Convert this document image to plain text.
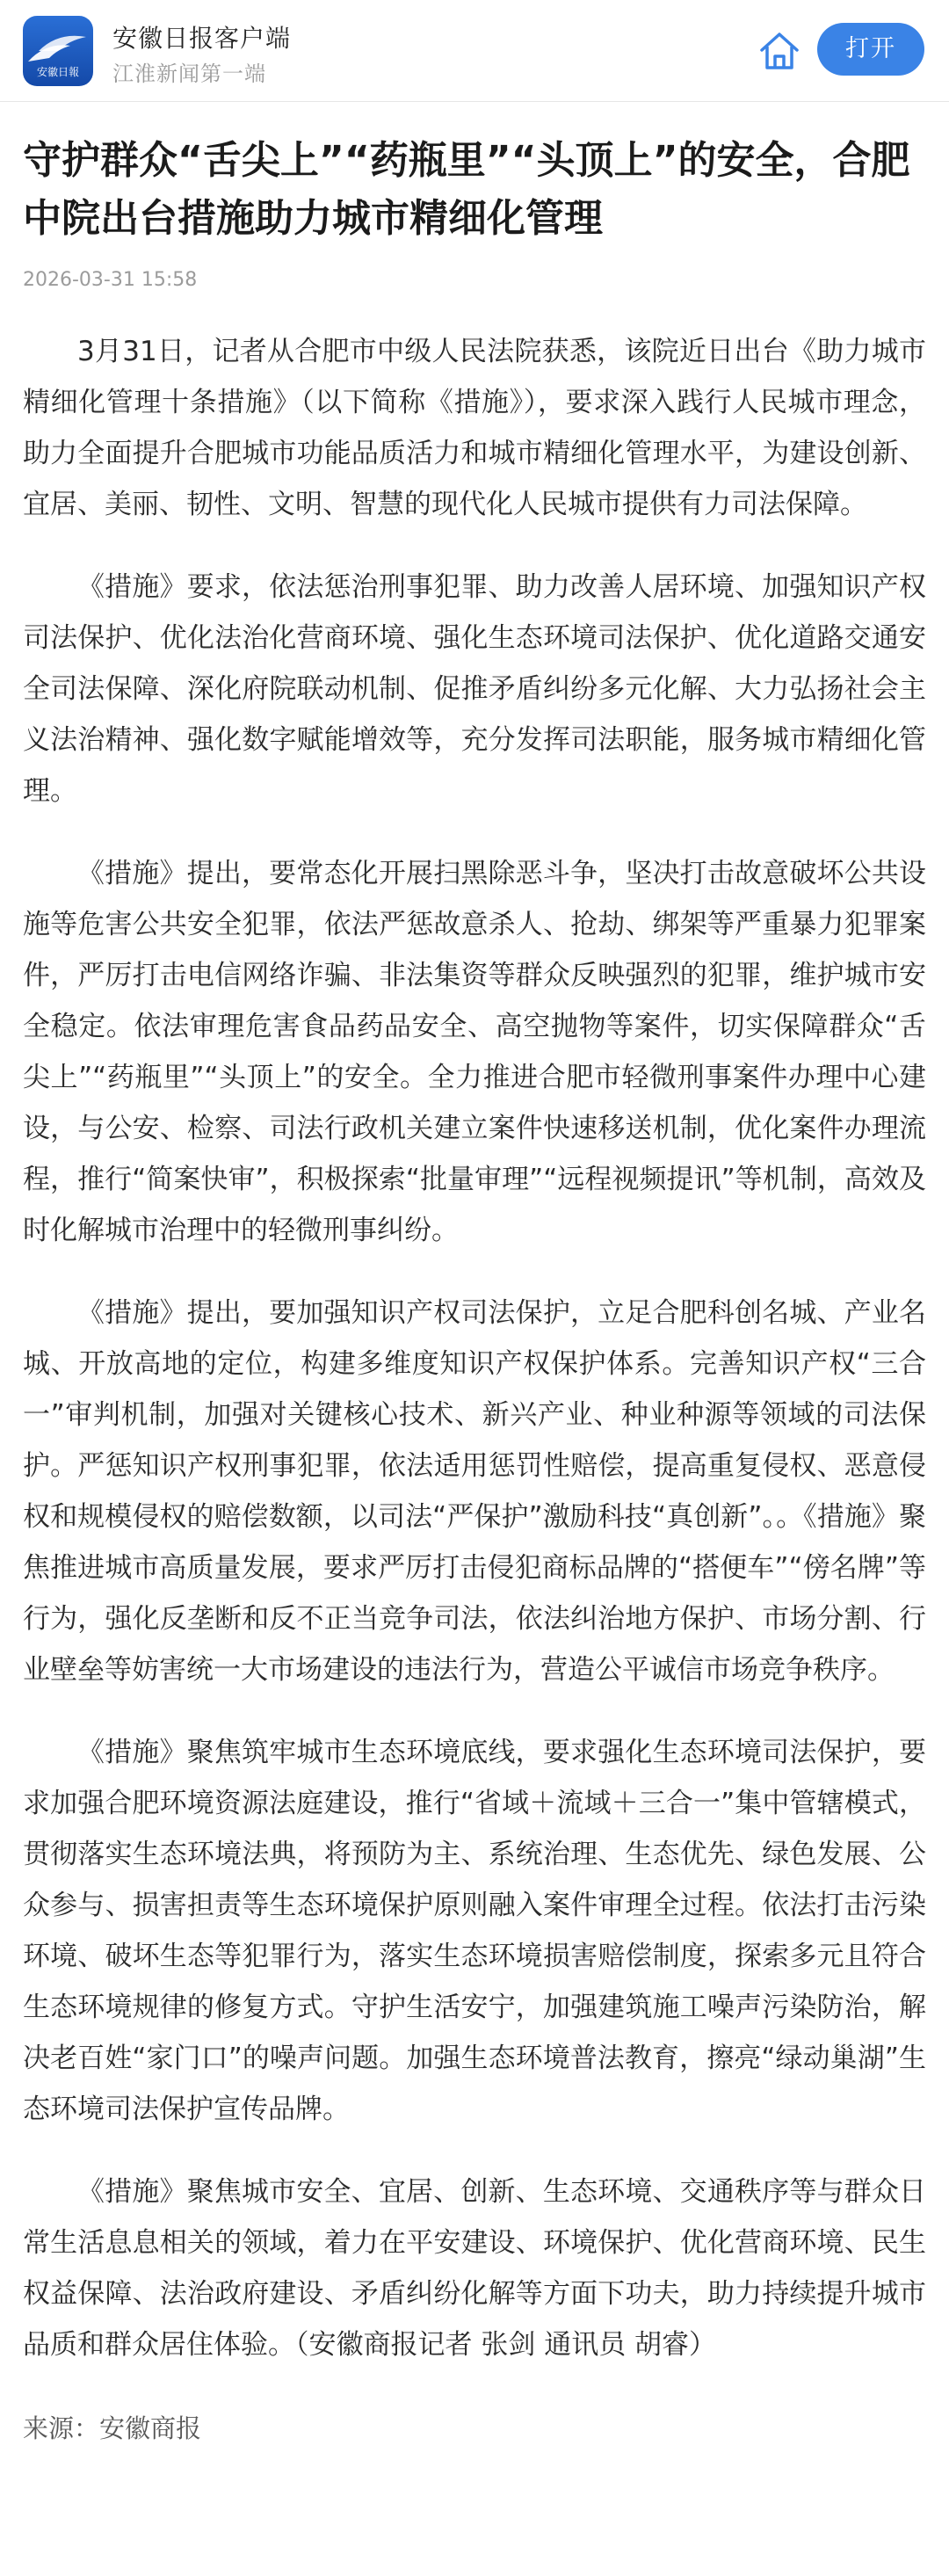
安徽日報
安徽日报客户端
江淮新闻第一端
打开
守护群众“舌尖上”“药瓶里”“头顶上”的安全，合肥中院出台措施助力城市精细化管理
2026-03-31 15:58

3月31日，记者从合肥市中级人民法院获悉，该院近日出台《助力城市精细化管理十条措施》（以下简称《措施》），要求深入践行人民城市理念，助力全面提升合肥城市功能品质活力和城市精细化管理水平，为建设创新、宜居、美丽、韧性、文明、智慧的现代化人民城市提供有力司法保障。

《措施》要求，依法惩治刑事犯罪、助力改善人居环境、加强知识产权司法保护、优化法治化营商环境、强化生态环境司法保护、优化道路交通安全司法保障、深化府院联动机制、促推矛盾纠纷多元化解、大力弘扬社会主义法治精神、强化数字赋能增效等，充分发挥司法职能，服务城市精细化管理。

《措施》提出，要常态化开展扫黑除恶斗争，坚决打击故意破坏公共设施等危害公共安全犯罪，依法严惩故意杀人、抢劫、绑架等严重暴力犯罪案件，严厉打击电信网络诈骗、非法集资等群众反映强烈的犯罪，维护城市安全稳定。依法审理危害食品药品安全、高空抛物等案件，切实保障群众“舌尖上”“药瓶里”“头顶上”的安全。全力推进合肥市轻微刑事案件办理中心建设，与公安、检察、司法行政机关建立案件快速移送机制，优化案件办理流程，推行“简案快审”，积极探索“批量审理”“远程视频提讯”等机制，高效及时化解城市治理中的轻微刑事纠纷。

《措施》提出，要加强知识产权司法保护，立足合肥科创名城、产业名城、开放高地的定位，构建多维度知识产权保护体系。完善知识产权“三合一”审判机制，加强对关键核心技术、新兴产业、种业种源等领域的司法保护。严惩知识产权刑事犯罪，依法适用惩罚性赔偿，提高重复侵权、恶意侵权和规模侵权的赔偿数额，以司法“严保护”激励科技“真创新”。。《措施》聚焦推进城市高质量发展，要求严厉打击侵犯商标品牌的“搭便车”“傍名牌”等行为，强化反垄断和反不正当竞争司法，依法纠治地方保护、市场分割、行业壁垒等妨害统一大市场建设的违法行为，营造公平诚信市场竞争秩序。

《措施》聚焦筑牢城市生态环境底线，要求强化生态环境司法保护，要求加强合肥环境资源法庭建设，推行“省域＋流域＋三合一”集中管辖模式，贯彻落实生态环境法典，将预防为主、系统治理、生态优先、绿色发展、公众参与、损害担责等生态环境保护原则融入案件审理全过程。依法打击污染环境、破坏生态等犯罪行为，落实生态环境损害赔偿制度，探索多元且符合生态环境规律的修复方式。守护生活安宁，加强建筑施工噪声污染防治，解决老百姓“家门口”的噪声问题。加强生态环境普法教育，擦亮“绿动巢湖”生态环境司法保护宣传品牌。

《措施》聚焦城市安全、宜居、创新、生态环境、交通秩序等与群众日常生活息息相关的领域，着力在平安建设、环境保护、优化营商环境、民生权益保障、法治政府建设、矛盾纠纷化解等方面下功夫，助力持续提升城市品质和群众居住体验。（安徽商报记者 张剑 通讯员 胡睿）

来源：安徽商报
